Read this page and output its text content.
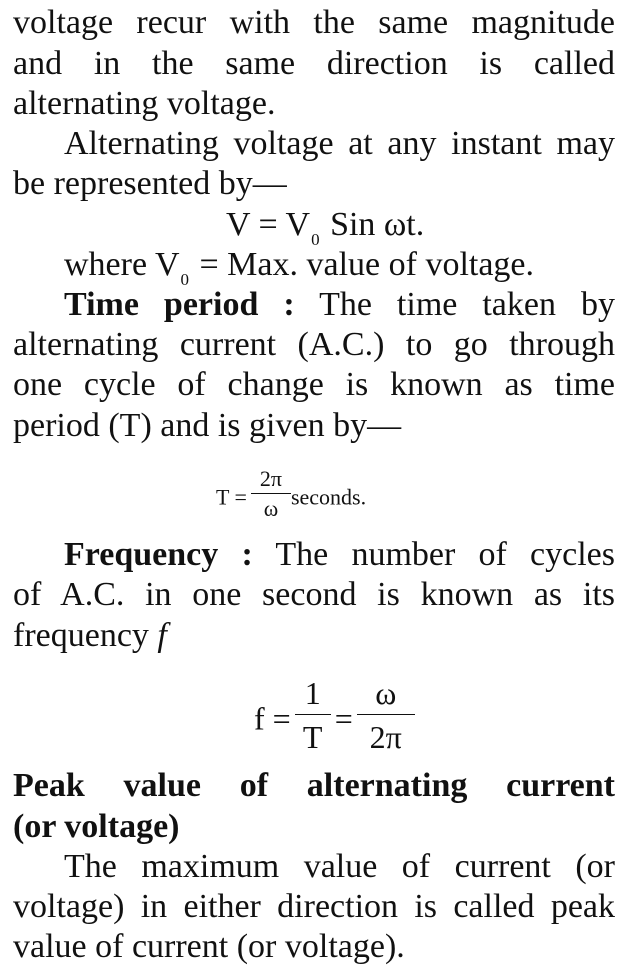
voltage recur with the same magnitude
and in the same direction is called
alternating voltage.
Alternating voltage at any instant may
be represented by—
$V = V_0$ Sin ωt.
where $V_0$ = Max. value of voltage.
Time period : The time taken by
alternating current (A.C.) to go through
one cycle of change is known as time
period (T) and is given by—
$T = \frac{2\pi}{\omega}$ seconds.
Frequency : The number of cycles
of A.C. in one second is known as its
frequency f
$f = \frac{1}{T} = \frac{\omega}{2\pi}$
Peak value of alternating current
(or voltage)
The maximum value of current (or
voltage) in either direction is called peak
value of current (or voltage).
